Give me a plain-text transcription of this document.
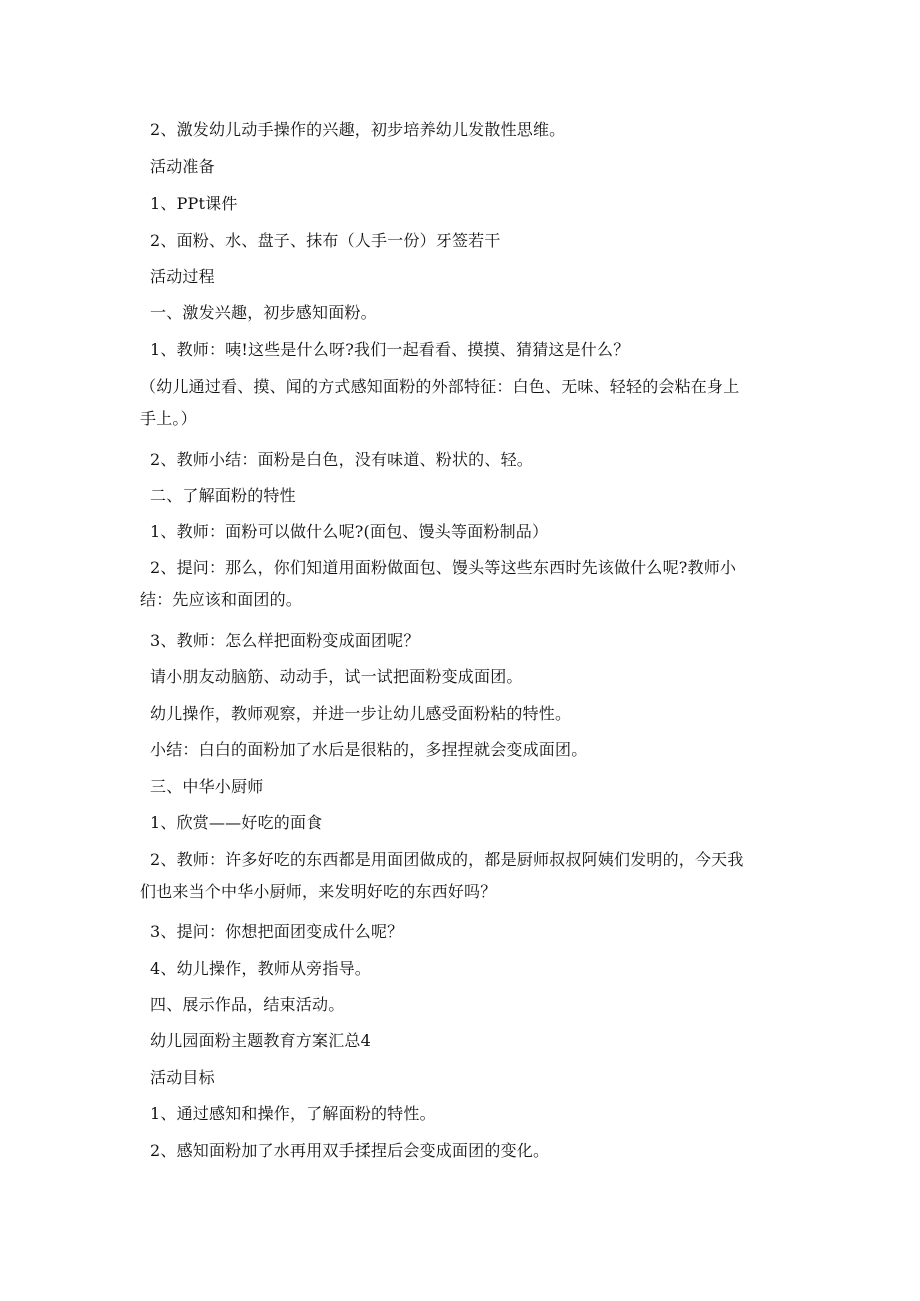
2、激发幼儿动手操作的兴趣，初步培养幼儿发散性思维。
活动准备
1、PPt课件
2、面粉、水、盘子、抹布（人手一份）牙签若干
活动过程
一、激发兴趣，初步感知面粉。
1、教师：咦!这些是什么呀?我们一起看看、摸摸、猜猜这是什么？
（幼儿通过看、摸、闻的方式感知面粉的外部特征：白色、无味、轻轻的会粘在身上
手上。）
2、教师小结：面粉是白色，没有味道、粉状的、轻。
二、了解面粉的特性
1、教师：面粉可以做什么呢?(面包、馒头等面粉制品）
2、提问：那么，你们知道用面粉做面包、馒头等这些东西时先该做什么呢?教师小
结：先应该和面团的。
3、教师：怎么样把面粉变成面团呢？
请小朋友动脑筋、动动手，试一试把面粉变成面团。
幼儿操作，教师观察，并进一步让幼儿感受面粉粘的特性。
小结：白白的面粉加了水后是很粘的，多捏捏就会变成面团。
三、中华小厨师
1、欣赏——好吃的面食
2、教师：许多好吃的东西都是用面团做成的，都是厨师叔叔阿姨们发明的，今天我
们也来当个中华小厨师，来发明好吃的东西好吗？
3、提问：你想把面团变成什么呢？
4、幼儿操作，教师从旁指导。
四、展示作品，结束活动。
幼儿园面粉主题教育方案汇总4
活动目标
1、通过感知和操作，了解面粉的特性。
2、感知面粉加了水再用双手揉捏后会变成面团的变化。
